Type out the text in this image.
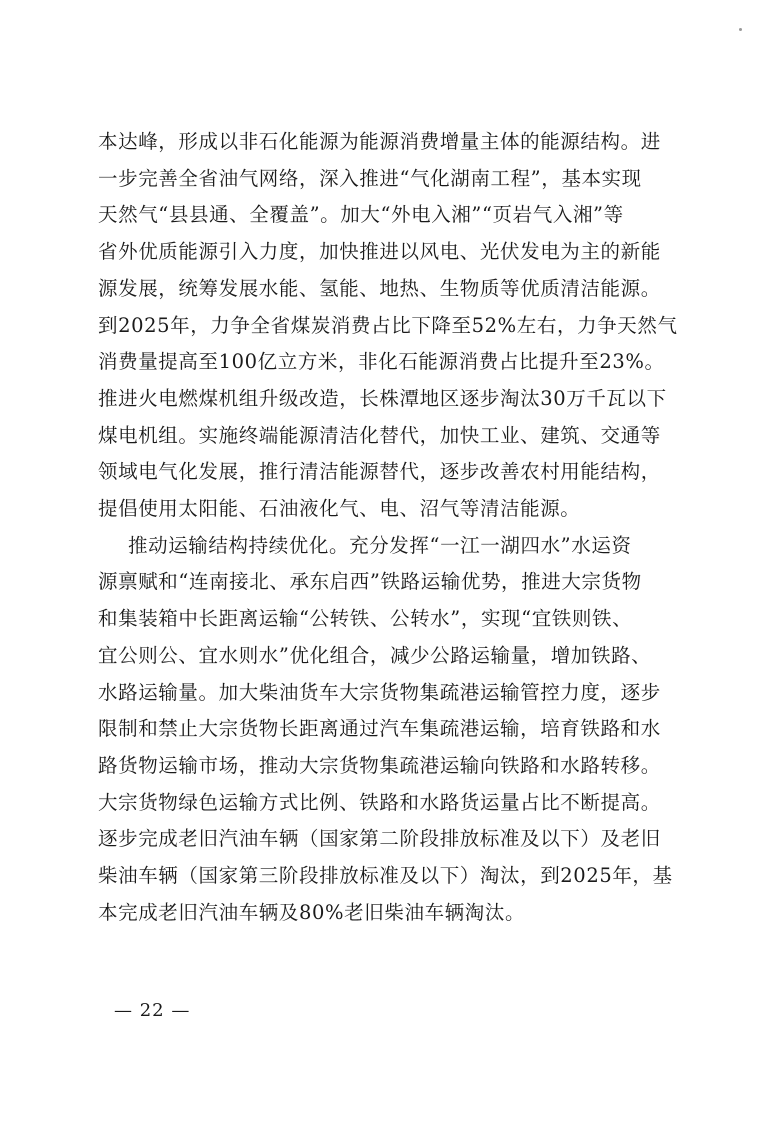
本达峰，形成以非石化能源为能源消费增量主体的能源结构。进

一步完善全省油气网络，深入推进“气化湖南工程”，基本实现

天然气“县县通、全覆盖”。加大“外电入湘”“页岩气入湘”等

省外优质能源引入力度，加快推进以风电、光伏发电为主的新能

源发展，统筹发展水能、氢能、地热、生物质等优质清洁能源。

到2025年，力争全省煤炭消费占比下降至52%左右，力争天然气

消费量提高至100亿立方米，非化石能源消费占比提升至23%。

推进火电燃煤机组升级改造，长株潭地区逐步淘汰30万千瓦以下

煤电机组。实施终端能源清洁化替代，加快工业、建筑、交通等

领域电气化发展，推行清洁能源替代，逐步改善农村用能结构，

提倡使用太阳能、石油液化气、电、沼气等清洁能源。

推动运输结构持续优化。充分发挥“一江一湖四水”水运资

源禀赋和“连南接北、承东启西”铁路运输优势，推进大宗货物

和集装箱中长距离运输“公转铁、公转水”，实现“宜铁则铁、

宜公则公、宜水则水”优化组合，减少公路运输量，增加铁路、

水路运输量。加大柴油货车大宗货物集疏港运输管控力度，逐步

限制和禁止大宗货物长距离通过汽车集疏港运输，培育铁路和水

路货物运输市场，推动大宗货物集疏港运输向铁路和水路转移。

大宗货物绿色运输方式比例、铁路和水路货运量占比不断提高。

逐步完成老旧汽油车辆（国家第二阶段排放标准及以下）及老旧

柴油车辆（国家第三阶段排放标准及以下）淘汰，到2025年，基

本完成老旧汽油车辆及80%老旧柴油车辆淘汰。

— 22 —
